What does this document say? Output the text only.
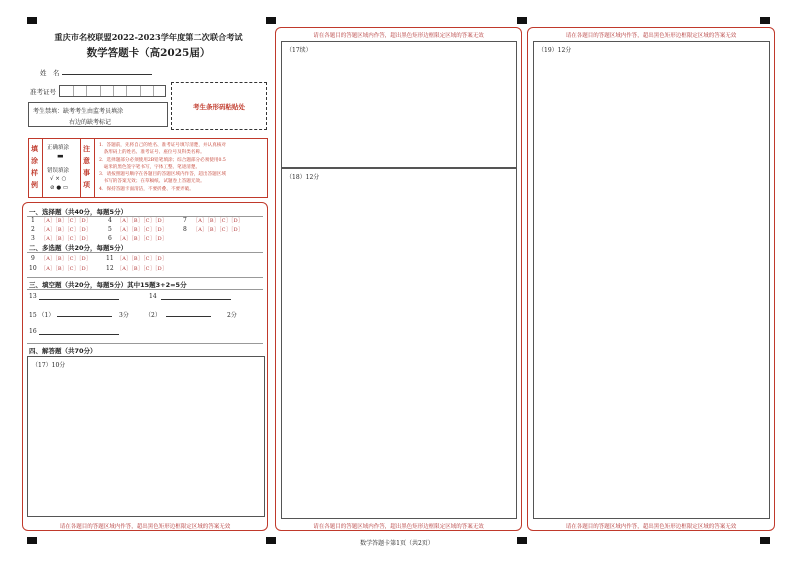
重庆市名校联盟2022-2023学年度第二次联合考试
数学答题卡（高2025届）
姓　名
准考证号
考生禁填：缺考考生由监考员填涂
右边的缺考标记
考生条形码粘贴处
填涂样例
正确填涂
▬
错误填涂
√ × ○
⊘ ● ▭
注意事项
1．答题前，先将自己的姓名、准考证号填写清楚，并认真核对
　条形码上的姓名、准考证号、座位号及科类名称。
2．选择题部分必须使用2B铅笔填涂；综合题部分必须使用0.5
　毫米的黑色签字笔书写，字体工整、笔迹清楚。
3．请按照题号顺序在各题目的答题区域内作答，超出答题区域
　书写的答案无效；在草稿纸、试题卷上答题无效。
4．保持答题卡面清洁，不要折叠、不要弄破。
一、选择题（共40分，每题5分）
1 ［A］［B］［C］［D］
2 ［A］［B］［C］［D］
3 ［A］［B］［C］［D］
4 ［A］［B］［C］［D］
5 ［A］［B］［C］［D］
6 ［A］［B］［C］［D］
7 ［A］［B］［C］［D］
8 ［A］［B］［C］［D］
二、多选题（共20分，每题5分）
9 ［A］［B］［C］［D］
10 ［A］［B］［C］［D］
11 ［A］［B］［C］［D］
12 ［A］［B］［C］［D］
三、填空题（共20分，每题5分）其中15题3+2=5分
13	14
15 （1）	3分	（2）	2分
16
四、解答题（共70分）
（17）10分
请在各题目的答题区域内作答，超出黑色矩形边框限定区域的答案无效
请在各题目的答题区域内作答，超出黑色矩形边框限定区域的答案无效
（17续）
（18）12分
请在各题目的答题区域内作答，超出黑色矩形边框限定区域的答案无效
请在各题目的答题区域内作答，超出黑色矩形边框限定区域的答案无效
（19）12分
请在各题目的答题区域内作答，超出黑色矩形边框限定区域的答案无效
数学答题卡第1页（共2页）
